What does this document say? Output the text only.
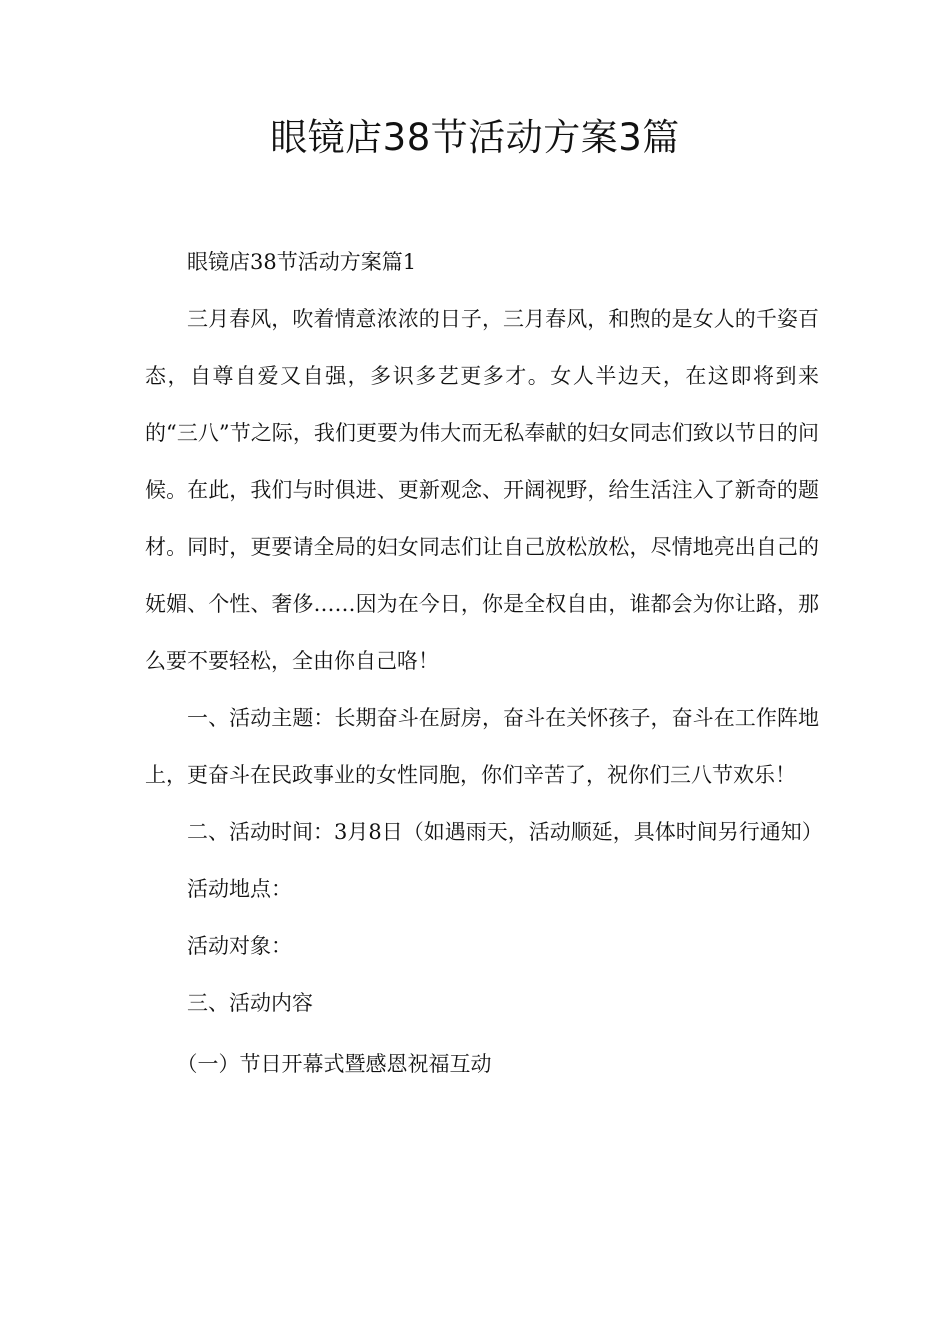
眼镜店38节活动方案3篇

眼镜店38节活动方案篇1

三月春风，吹着情意浓浓的日子，三月春风，和煦的是女人的千姿百态，自尊自爱又自强，多识多艺更多才。女人半边天，在这即将到来的“三八”节之际，我们更要为伟大而无私奉献的妇女同志们致以节日的问候。在此，我们与时俱进、更新观念、开阔视野，给生活注入了新奇的题材。同时，更要请全局的妇女同志们让自己放松放松，尽情地亮出自己的妩媚、个性、奢侈……因为在今日，你是全权自由，谁都会为你让路，那么要不要轻松，全由你自己咯！

一、活动主题：长期奋斗在厨房，奋斗在关怀孩子，奋斗在工作阵地上，更奋斗在民政事业的女性同胞，你们辛苦了，祝你们三八节欢乐！

二、活动时间：3月8日（如遇雨天，活动顺延，具体时间另行通知）

活动地点：

活动对象：

三、活动内容

（一）节日开幕式暨感恩祝福互动
